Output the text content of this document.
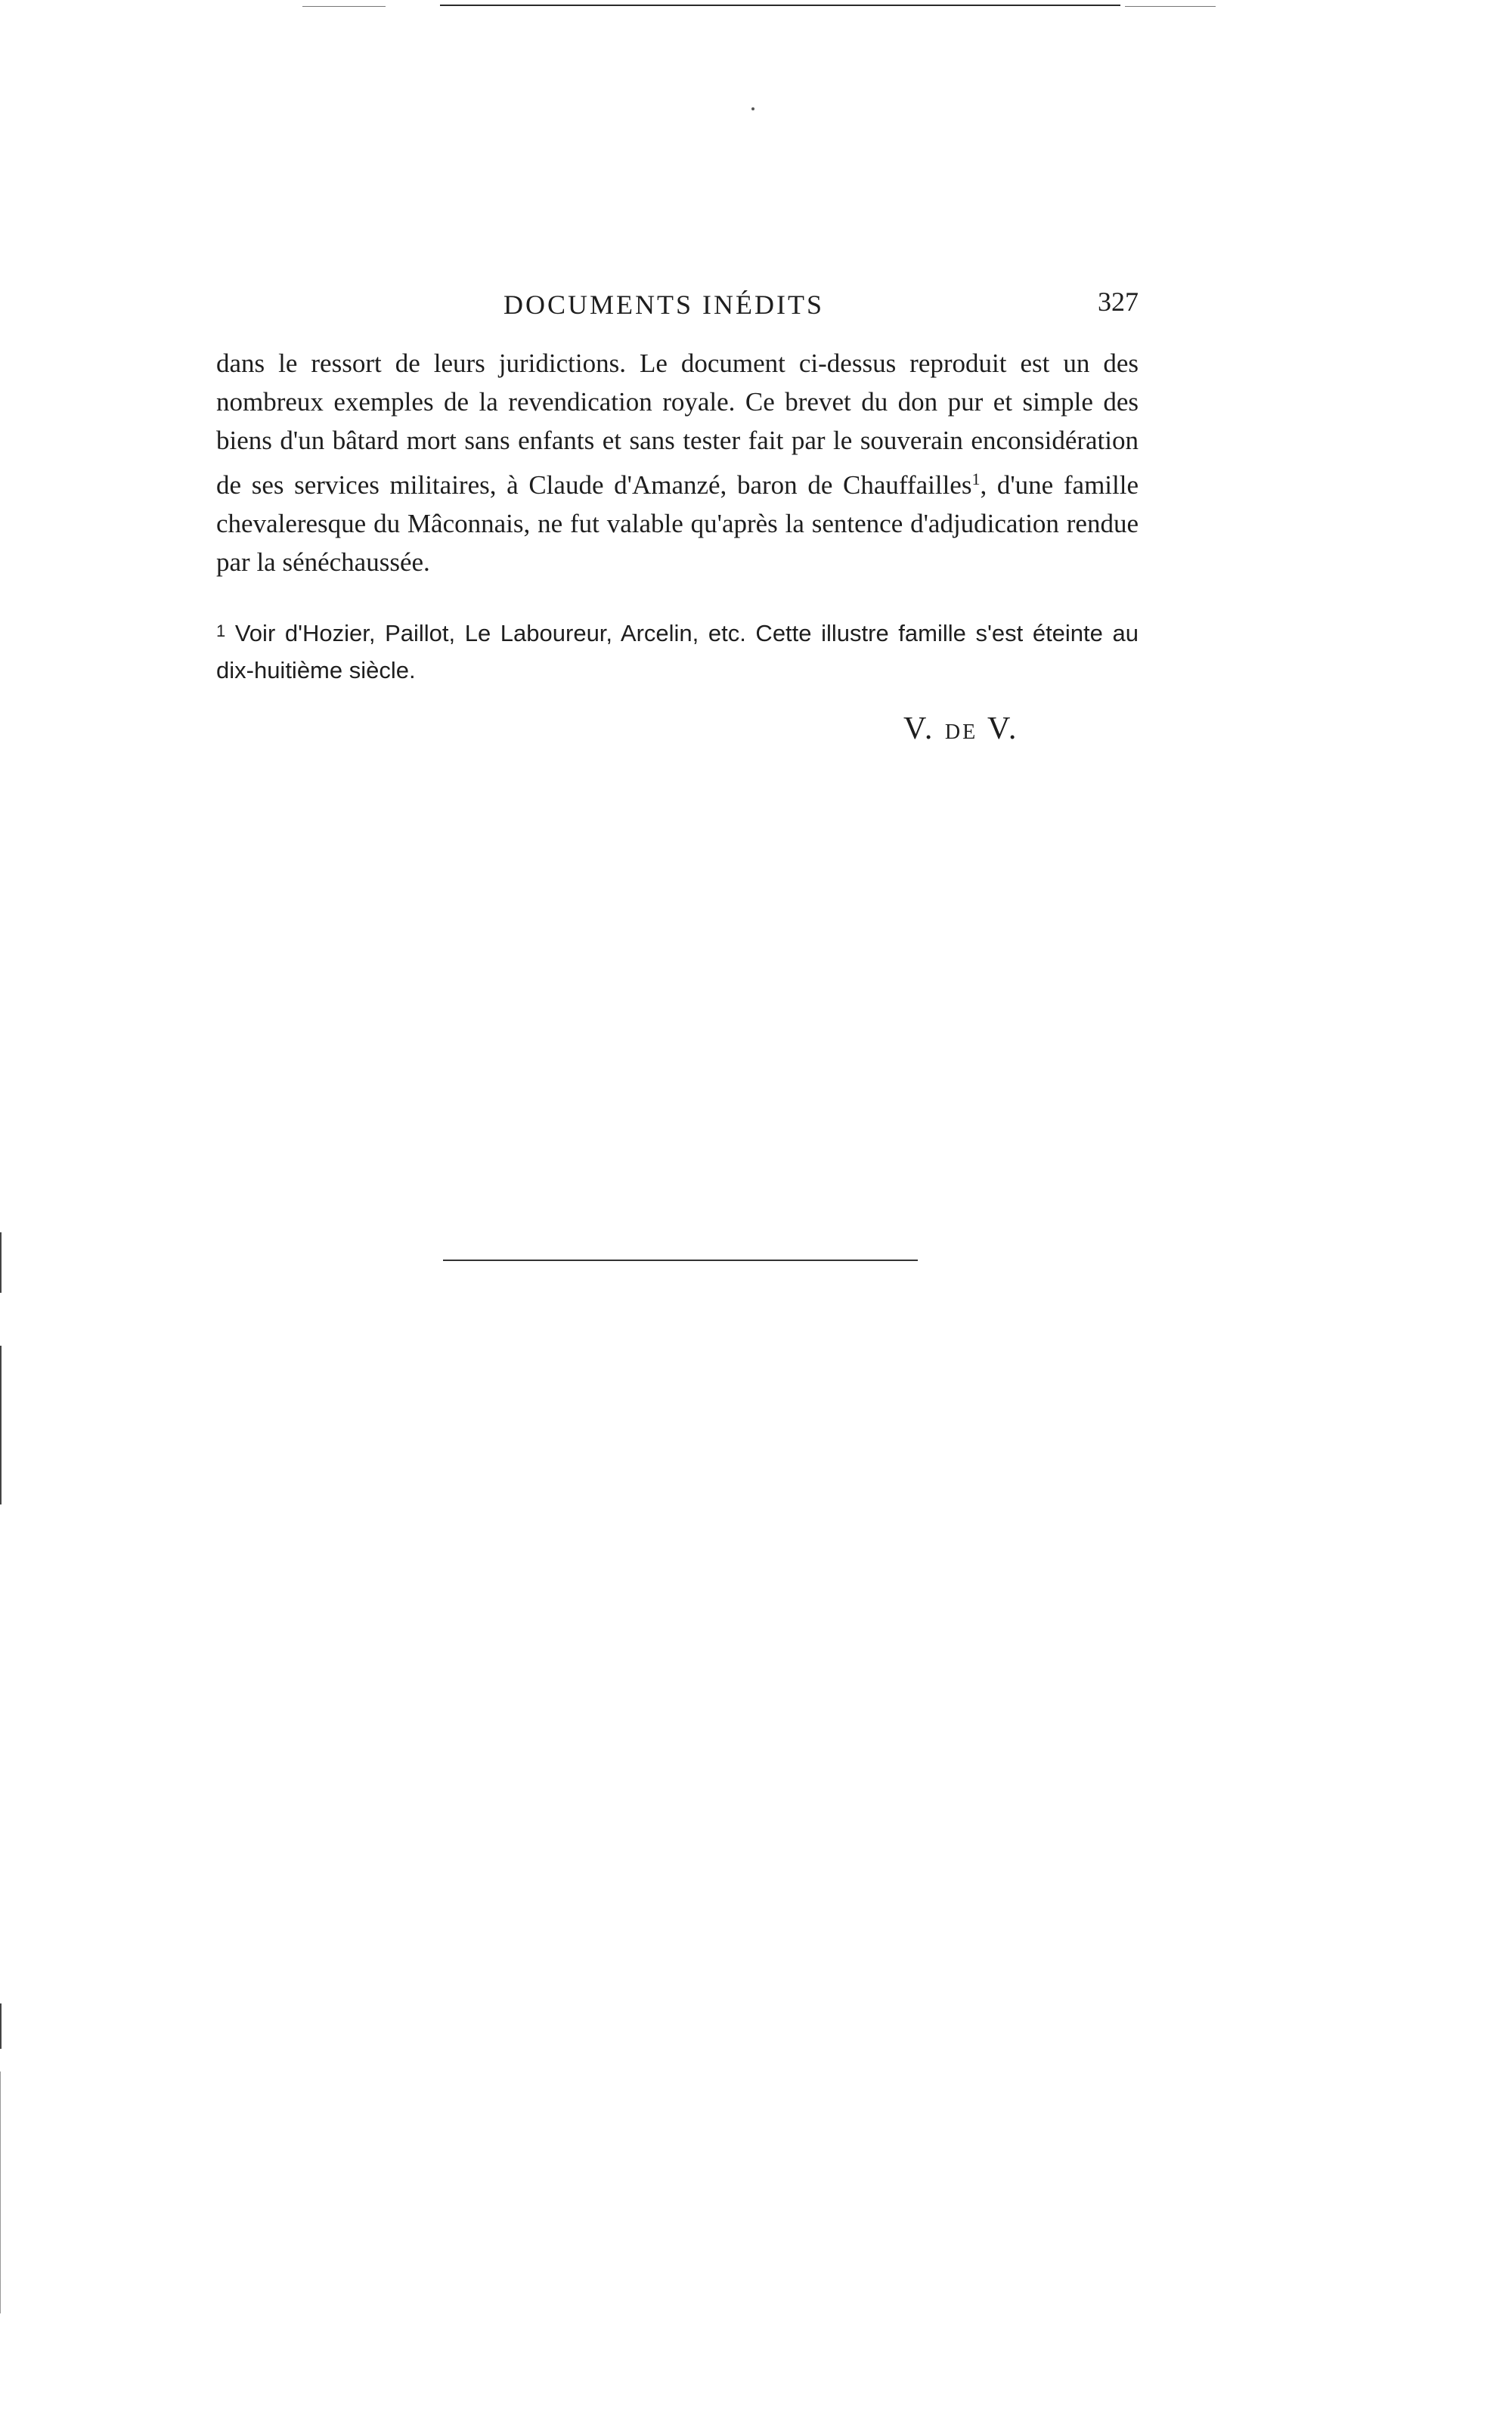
DOCUMENTS INÉDITS	327

dans le ressort de leurs juridictions. Le document ci-dessus reproduit est un des nombreux exemples de la revendication royale. Ce brevet du don pur et simple des biens d'un bâtard mort sans enfants et sans tester fait par le souverain enconsidération de ses services militaires, à Claude d'Amanzé, baron de Chauffailles$^1$, d'une famille chevaleresque du Mâconnais, ne fut valable qu'après la sentence d'adjudication rendue par la sénéchaussée.

1 Voir d'Hozier, Paillot, Le Laboureur, Arcelin, etc. Cette illustre famille s'est éteinte au dix-huitième siècle.
V. DE V.
